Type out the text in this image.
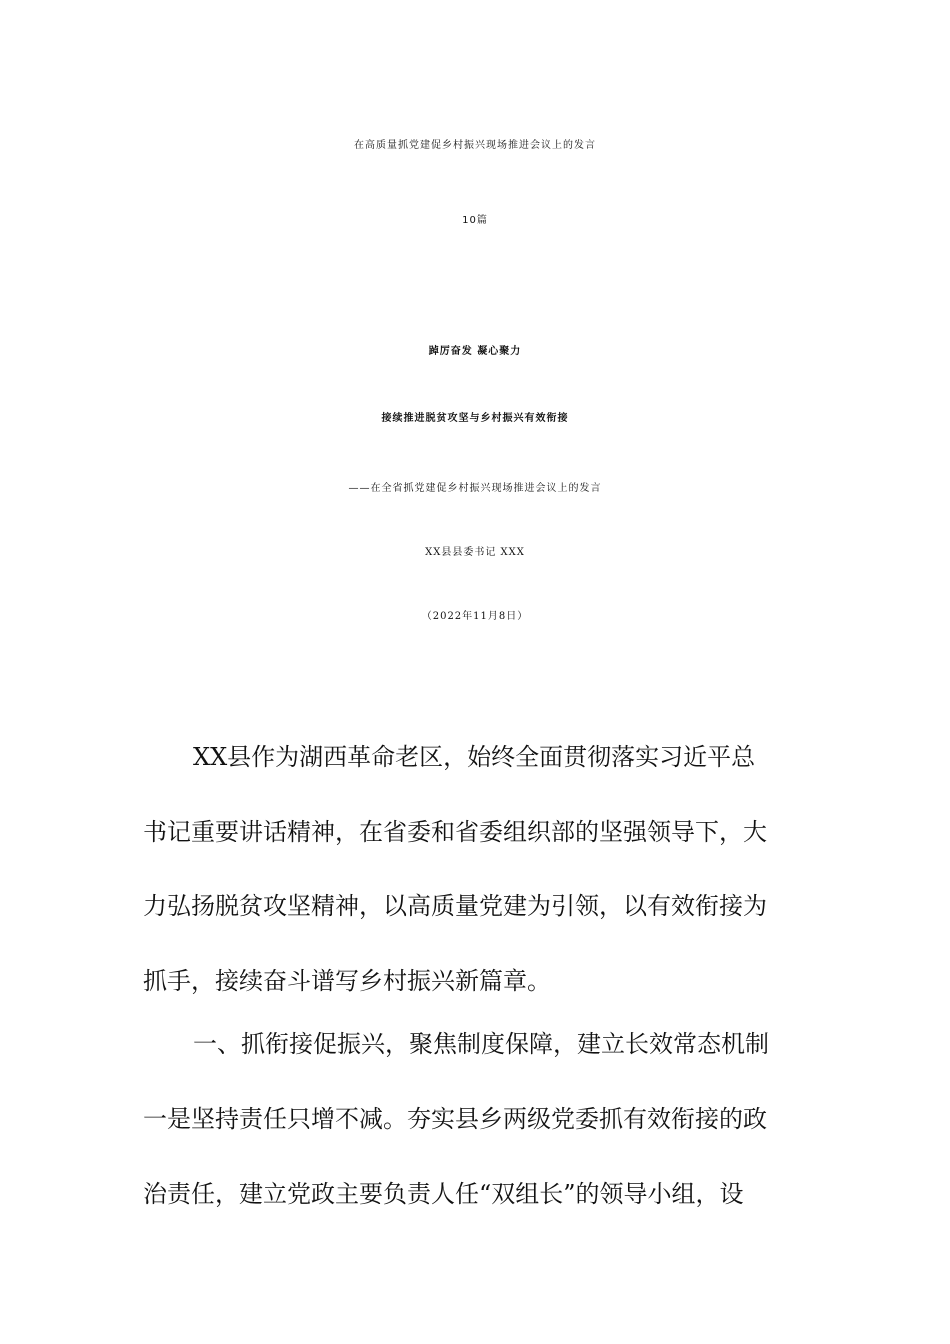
在高质量抓党建促乡村振兴现场推进会议上的发言
10篇
踔厉奋发 凝心聚力
接续推进脱贫攻坚与乡村振兴有效衔接
——在全省抓党建促乡村振兴现场推进会议上的发言
XX县县委书记 XXX
（2022年11月8日）
XX县作为湖西革命老区，始终全面贯彻落实习近平总
书记重要讲话精神，在省委和省委组织部的坚强领导下，大
力弘扬脱贫攻坚精神，以高质量党建为引领，以有效衔接为
抓手，接续奋斗谱写乡村振兴新篇章。
一、抓衔接促振兴，聚焦制度保障，建立长效常态机制
一是坚持责任只增不减。夯实县乡两级党委抓有效衔接的政
治责任，建立党政主要负责人任“双组长”的领导小组，设
